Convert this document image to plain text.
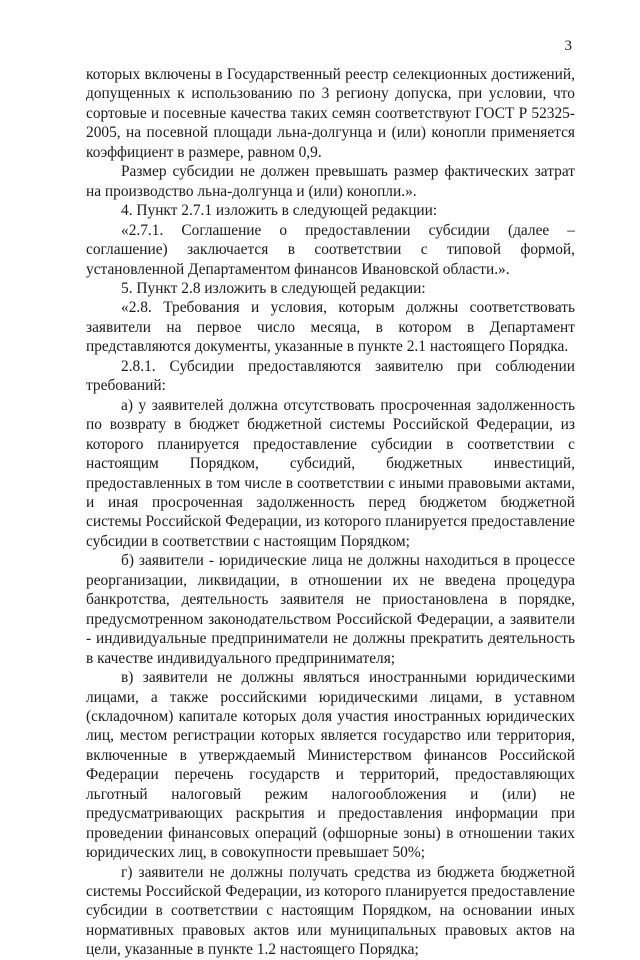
3

которых включены в Государственный реестр селекционных достижений, допущенных к использованию по 3 региону допуска, при условии, что сортовые и посевные качества таких семян соответствуют ГОСТ Р 52325-2005, на посевной площади льна-долгунца и (или) конопли применяется коэффициент в размере, равном 0,9.

Размер субсидии не должен превышать размер фактических затрат на производство льна-долгунца и (или) конопли.».

4. Пункт 2.7.1 изложить в следующей редакции:

«2.7.1. Соглашение о предоставлении субсидии (далее – соглашение) заключается в соответствии с типовой формой, установленной Департаментом финансов Ивановской области.».

5. Пункт 2.8 изложить в следующей редакции:

«2.8. Требования и условия, которым должны соответствовать заявители на первое число месяца, в котором в Департамент представляются документы, указанные в пункте 2.1 настоящего Порядка.

2.8.1. Субсидии предоставляются заявителю при соблюдении требований:

а) у заявителей должна отсутствовать просроченная задолженность по возврату в бюджет бюджетной системы Российской Федерации, из которого планируется предоставление субсидии в соответствии с настоящим Порядком, субсидий, бюджетных инвестиций, предоставленных в том числе в соответствии с иными правовыми актами, и иная просроченная задолженность перед бюджетом бюджетной системы Российской Федерации, из которого планируется предоставление субсидии в соответствии с настоящим Порядком;

б) заявители - юридические лица не должны находиться в процессе реорганизации, ликвидации, в отношении их не введена процедура банкротства, деятельность заявителя не приостановлена в порядке, предусмотренном законодательством Российской Федерации, а заявители - индивидуальные предприниматели не должны прекратить деятельность в качестве индивидуального предпринимателя;

в) заявители не должны являться иностранными юридическими лицами, а также российскими юридическими лицами, в уставном (складочном) капитале которых доля участия иностранных юридических лиц, местом регистрации которых является государство или территория, включенные в утверждаемый Министерством финансов Российской Федерации перечень государств и территорий, предоставляющих льготный налоговый режим налогообложения и (или) не предусматривающих раскрытия и предоставления информации при проведении финансовых операций (офшорные зоны) в отношении таких юридических лиц, в совокупности превышает 50%;

г) заявители не должны получать средства из бюджета бюджетной системы Российской Федерации, из которого планируется предоставление субсидии в соответствии с настоящим Порядком, на основании иных нормативных правовых актов или муниципальных правовых актов на цели, указанные в пункте 1.2 настоящего Порядка;
